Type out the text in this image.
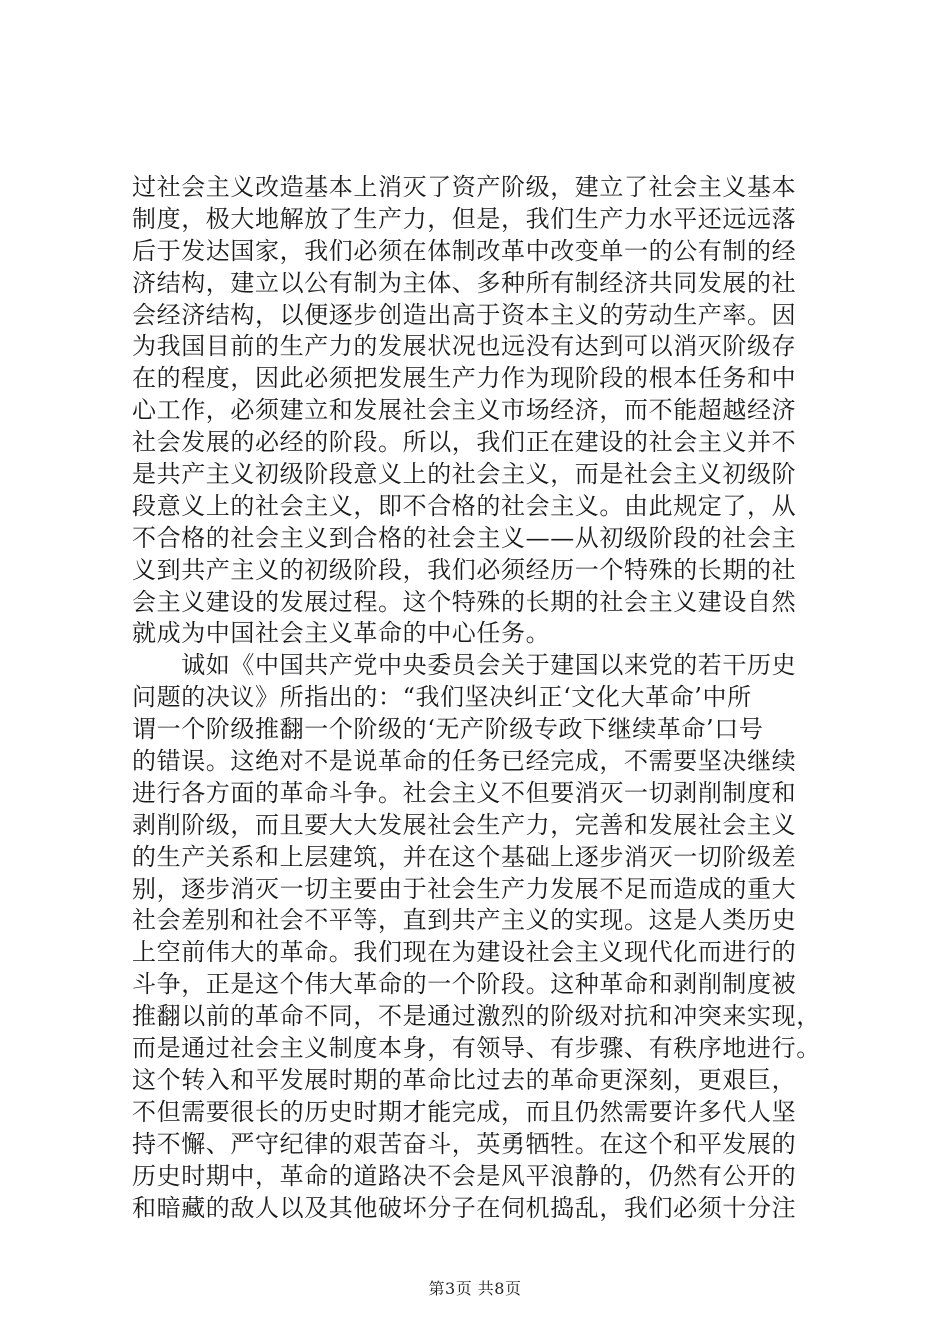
过社会主义改造基本上消灭了资产阶级，建立了社会主义基本
制度，极大地解放了生产力，但是，我们生产力水平还远远落
后于发达国家，我们必须在体制改革中改变单一的公有制的经
济结构，建立以公有制为主体、多种所有制经济共同发展的社
会经济结构，以便逐步创造出高于资本主义的劳动生产率。因
为我国目前的生产力的发展状况也远没有达到可以消灭阶级存
在的程度，因此必须把发展生产力作为现阶段的根本任务和中
心工作，必须建立和发展社会主义市场经济，而不能超越经济
社会发展的必经的阶段。所以，我们正在建设的社会主义并不
是共产主义初级阶段意义上的社会主义，而是社会主义初级阶
段意义上的社会主义，即不合格的社会主义。由此规定了，从
不合格的社会主义到合格的社会主义——从初级阶段的社会主
义到共产主义的初级阶段，我们必须经历一个特殊的长期的社
会主义建设的发展过程。这个特殊的长期的社会主义建设自然
就成为中国社会主义革命的中心任务。
　　诚如《中国共产党中央委员会关于建国以来党的若干历史
问题的决议》所指出的：“我们坚决纠正‘文化大革命’中所
谓一个阶级推翻一个阶级的‘无产阶级专政下继续革命’口号
的错误。这绝对不是说革命的任务已经完成，不需要坚决继续
进行各方面的革命斗争。社会主义不但要消灭一切剥削制度和
剥削阶级，而且要大大发展社会生产力，完善和发展社会主义
的生产关系和上层建筑，并在这个基础上逐步消灭一切阶级差
别，逐步消灭一切主要由于社会生产力发展不足而造成的重大
社会差别和社会不平等，直到共产主义的实现。这是人类历史
上空前伟大的革命。我们现在为建设社会主义现代化而进行的
斗争，正是这个伟大革命的一个阶段。这种革命和剥削制度被
推翻以前的革命不同，不是通过激烈的阶级对抗和冲突来实现，
而是通过社会主义制度本身，有领导、有步骤、有秩序地进行。
这个转入和平发展时期的革命比过去的革命更深刻，更艰巨，
不但需要很长的历史时期才能完成，而且仍然需要许多代人坚
持不懈、严守纪律的艰苦奋斗，英勇牺牲。在这个和平发展的
历史时期中，革命的道路决不会是风平浪静的，仍然有公开的
和暗藏的敌人以及其他破坏分子在伺机捣乱，我们必须十分注
第3页 共8页
